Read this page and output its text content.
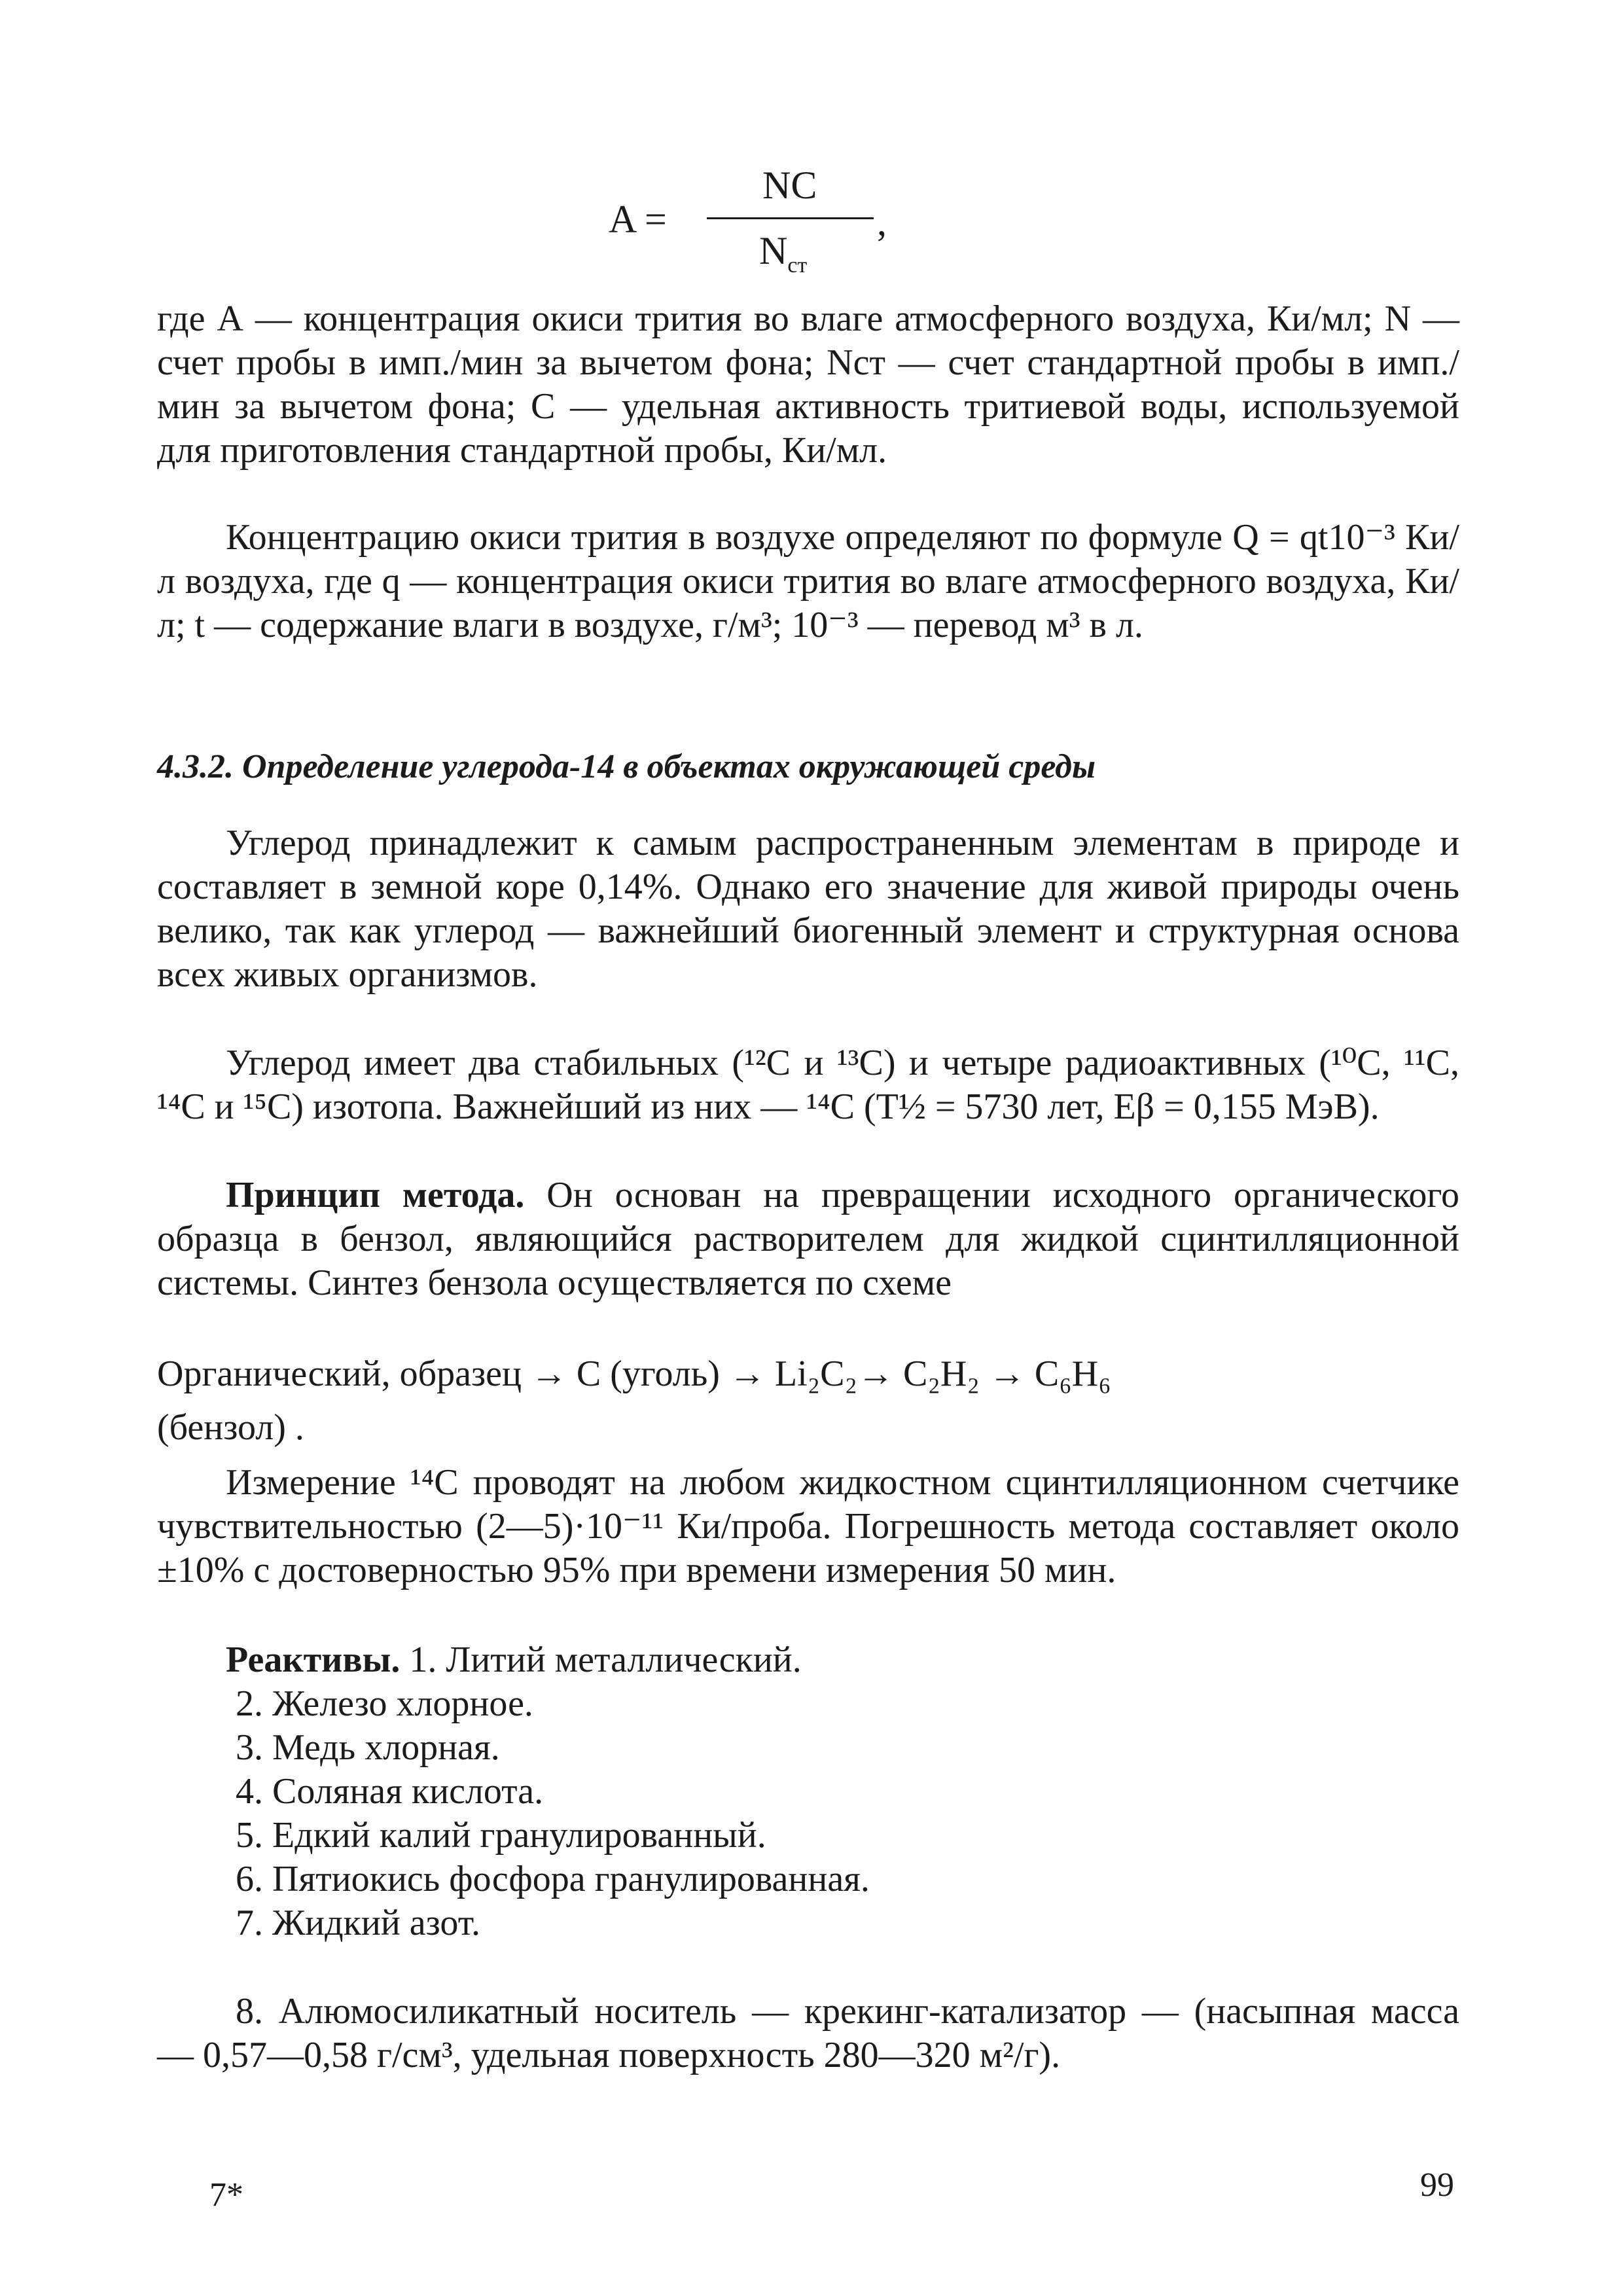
A =
NC
,
$N_{ст}$

где А — концентрация окиси трития во влаге атмосферного воздуха, Ки/мл; N — счет пробы в имп./мин за вычетом фона; Nст — счет стандартной пробы в имп./мин за вычетом фона; С — удельная активность тритиевой воды, используемой для приготовления стандартной пробы, Ки/мл.

Концентрацию окиси трития в воздухе определяют по формуле Q = qt10⁻³ Ки/л воздуха, где q — концентрация окиси трития во влаге атмосферного воздуха, Ки/л; t — содержание влаги в воздухе, г/м³; 10⁻³ — перевод м³ в л.

4.3.2. Определение углерода-14 в объектах окружающей среды

Углерод принадлежит к самым распространенным элементам в природе и составляет в земной коре 0,14%. Однако его значение для живой природы очень велико, так как углерод — важнейший биогенный элемент и структурная основа всех живых организмов.

Углерод имеет два стабильных (¹²С и ¹³С) и четыре радиоактивных (¹⁰С, ¹¹С, ¹⁴С и ¹⁵С) изотопа. Важнейший из них — ¹⁴С (T½ = 5730 лет, Eβ = 0,155 МэВ).

Принцип метода. Он основан на превращении исходного органического образца в бензол, являющийся растворителем для жидкой сцинтилляционной системы. Синтез бензола осуществляется по схеме

Органический, образец → С (уголь) → Li₂C₂→ C₂H₂ → C₆H₆

(бензол) .

Измерение ¹⁴С проводят на любом жидкостном сцинтилляционном счетчике чувствительностью (2—5)·10⁻¹¹ Ки/проба. Погрешность метода составляет около ±10% с достоверностью 95% при времени измерения 50 мин.

Реактивы. 1. Литий металлический.

2. Железо хлорное.
3. Медь хлорная.
4. Соляная кислота.
5. Едкий калий гранулированный.
6. Пятиокись фосфора гранулированная.
7. Жидкий азот.

8. Алюмосиликатный носитель — крекинг-катализатор — (насыпная масса — 0,57—0,58 г/см³, удельная поверхность 280—320 м²/г).

7*	99
